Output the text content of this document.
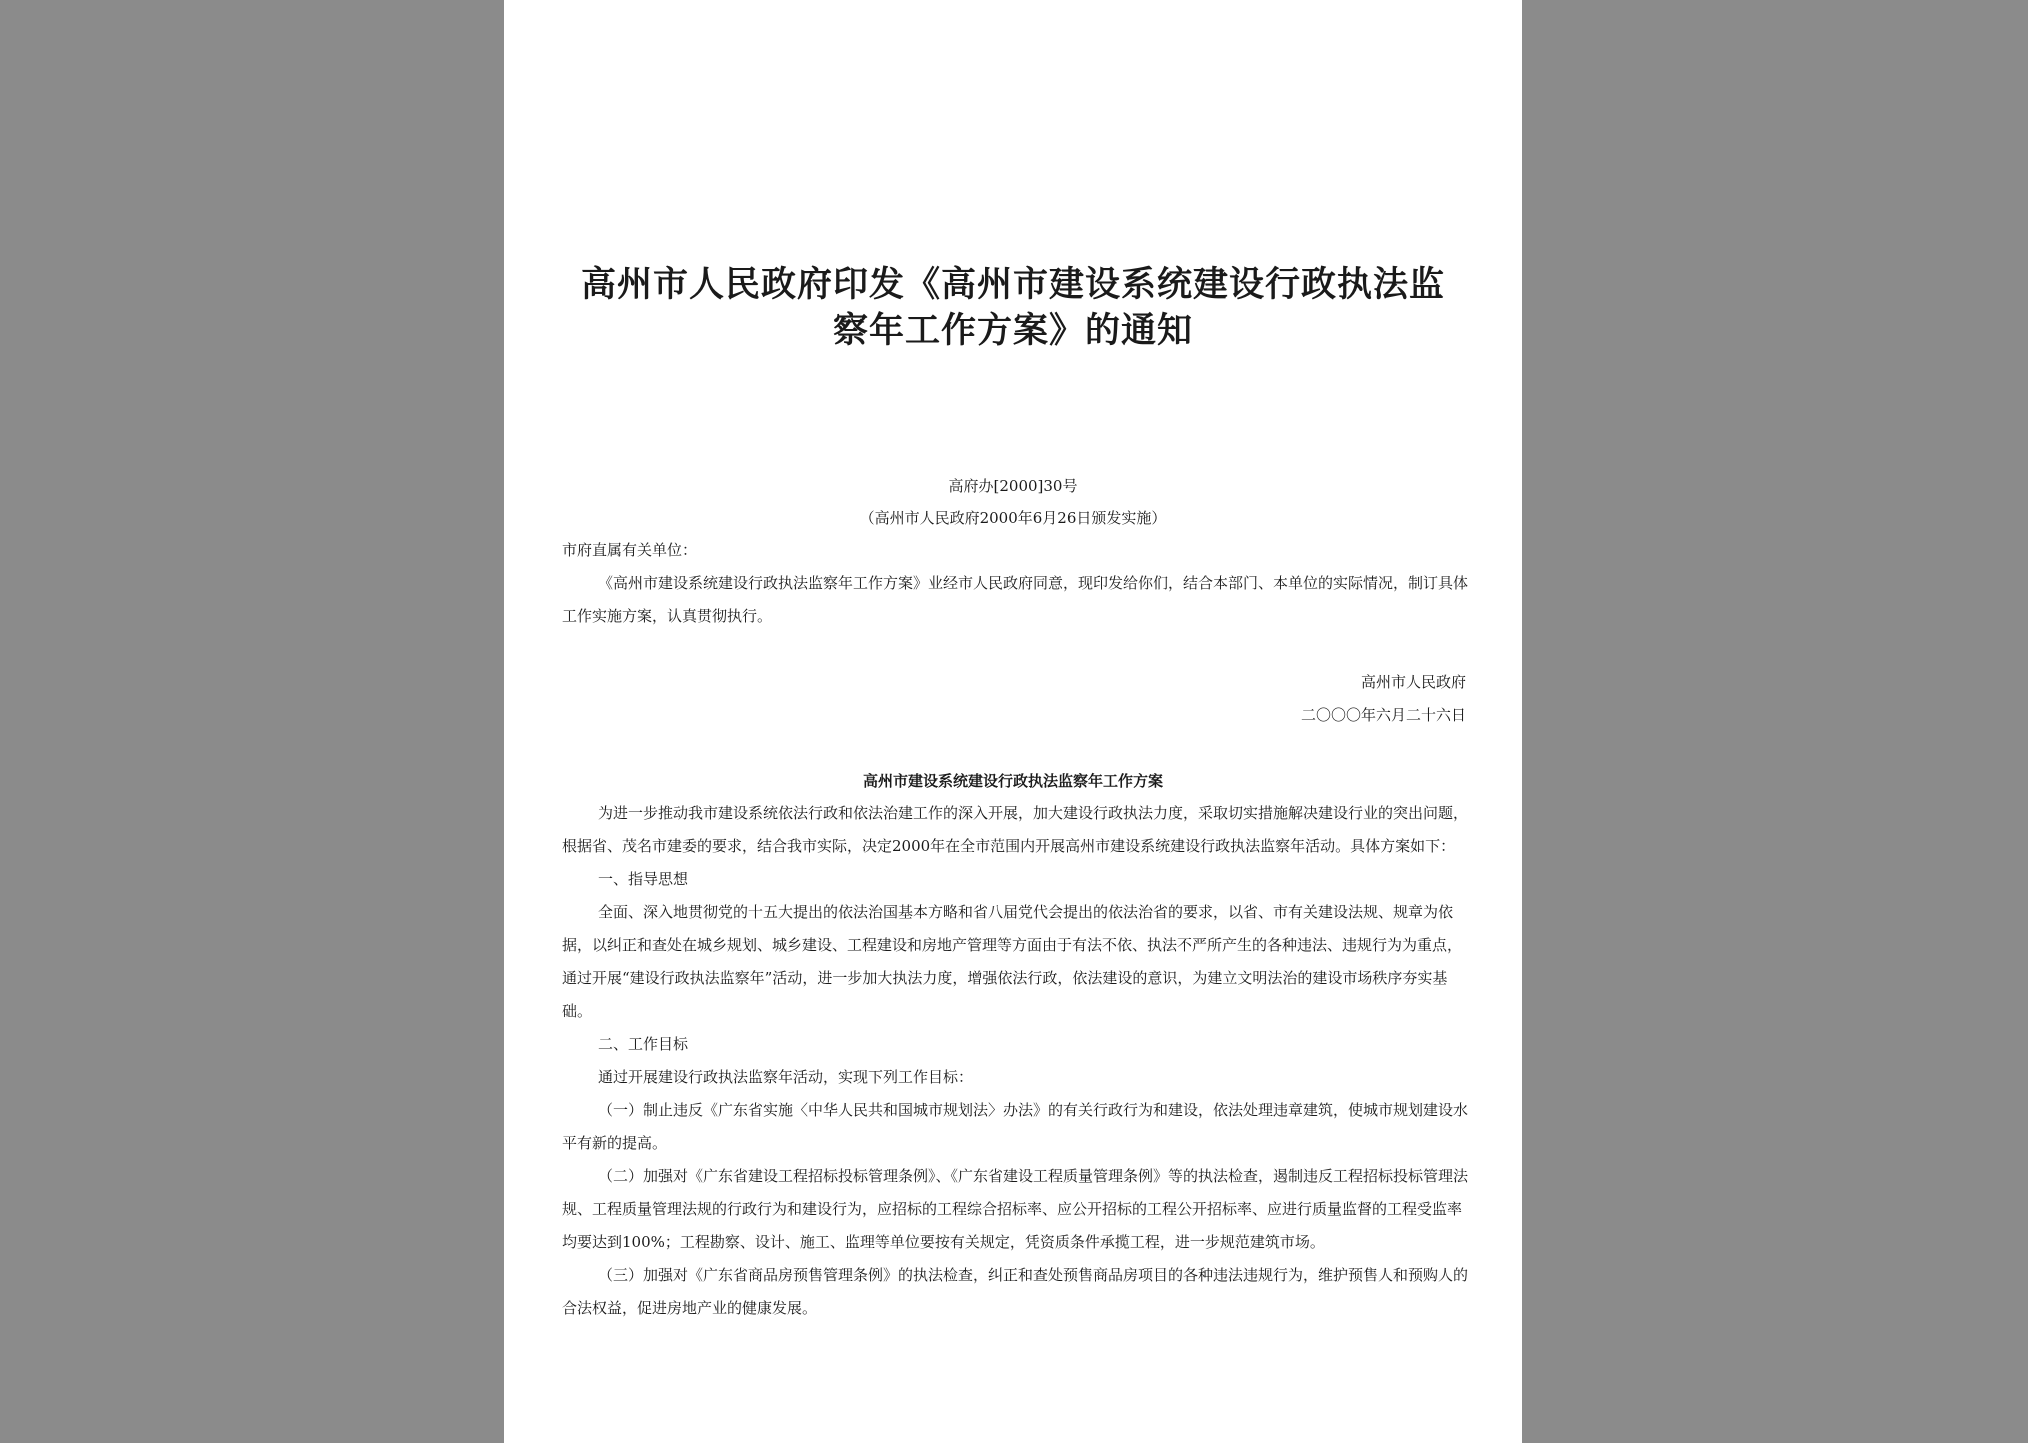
高州市人民政府印发《高州市建设系统建设行政执法监
察年工作方案》的通知
高府办[2000]30号
（高州市人民政府2000年6月26日颁发实施）

市府直属有关单位：

《高州市建设系统建设行政执法监察年工作方案》业经市人民政府同意，现印发给你们，结合本部门、本单位的实际情况，制订具体工作实施方案，认真贯彻执行。

高州市人民政府
二〇〇〇年六月二十六日
高州市建设系统建设行政执法监察年工作方案

为进一步推动我市建设系统依法行政和依法治建工作的深入开展，加大建设行政执法力度，采取切实措施解决建设行业的突出问题，根据省、茂名市建委的要求，结合我市实际，决定2000年在全市范围内开展高州市建设系统建设行政执法监察年活动。具体方案如下：

一、指导思想

全面、深入地贯彻党的十五大提出的依法治国基本方略和省八届党代会提出的依法治省的要求，以省、市有关建设法规、规章为依据，以纠正和查处在城乡规划、城乡建设、工程建设和房地产管理等方面由于有法不依、执法不严所产生的各种违法、违规行为为重点，通过开展“建设行政执法监察年”活动，进一步加大执法力度，增强依法行政，依法建设的意识，为建立文明法治的建设市场秩序夯实基础。

二、工作目标

通过开展建设行政执法监察年活动，实现下列工作目标：

（一）制止违反《广东省实施〈中华人民共和国城市规划法〉办法》的有关行政行为和建设，依法处理违章建筑，使城市规划建设水平有新的提高。

（二）加强对《广东省建设工程招标投标管理条例》、《广东省建设工程质量管理条例》等的执法检查，遏制违反工程招标投标管理法规、工程质量管理法规的行政行为和建设行为，应招标的工程综合招标率、应公开招标的工程公开招标率、应进行质量监督的工程受监率均要达到100%；工程勘察、设计、施工、监理等单位要按有关规定，凭资质条件承揽工程，进一步规范建筑市场。

（三）加强对《广东省商品房预售管理条例》的执法检查，纠正和查处预售商品房项目的各种违法违规行为，维护预售人和预购人的合法权益，促进房地产业的健康发展。
